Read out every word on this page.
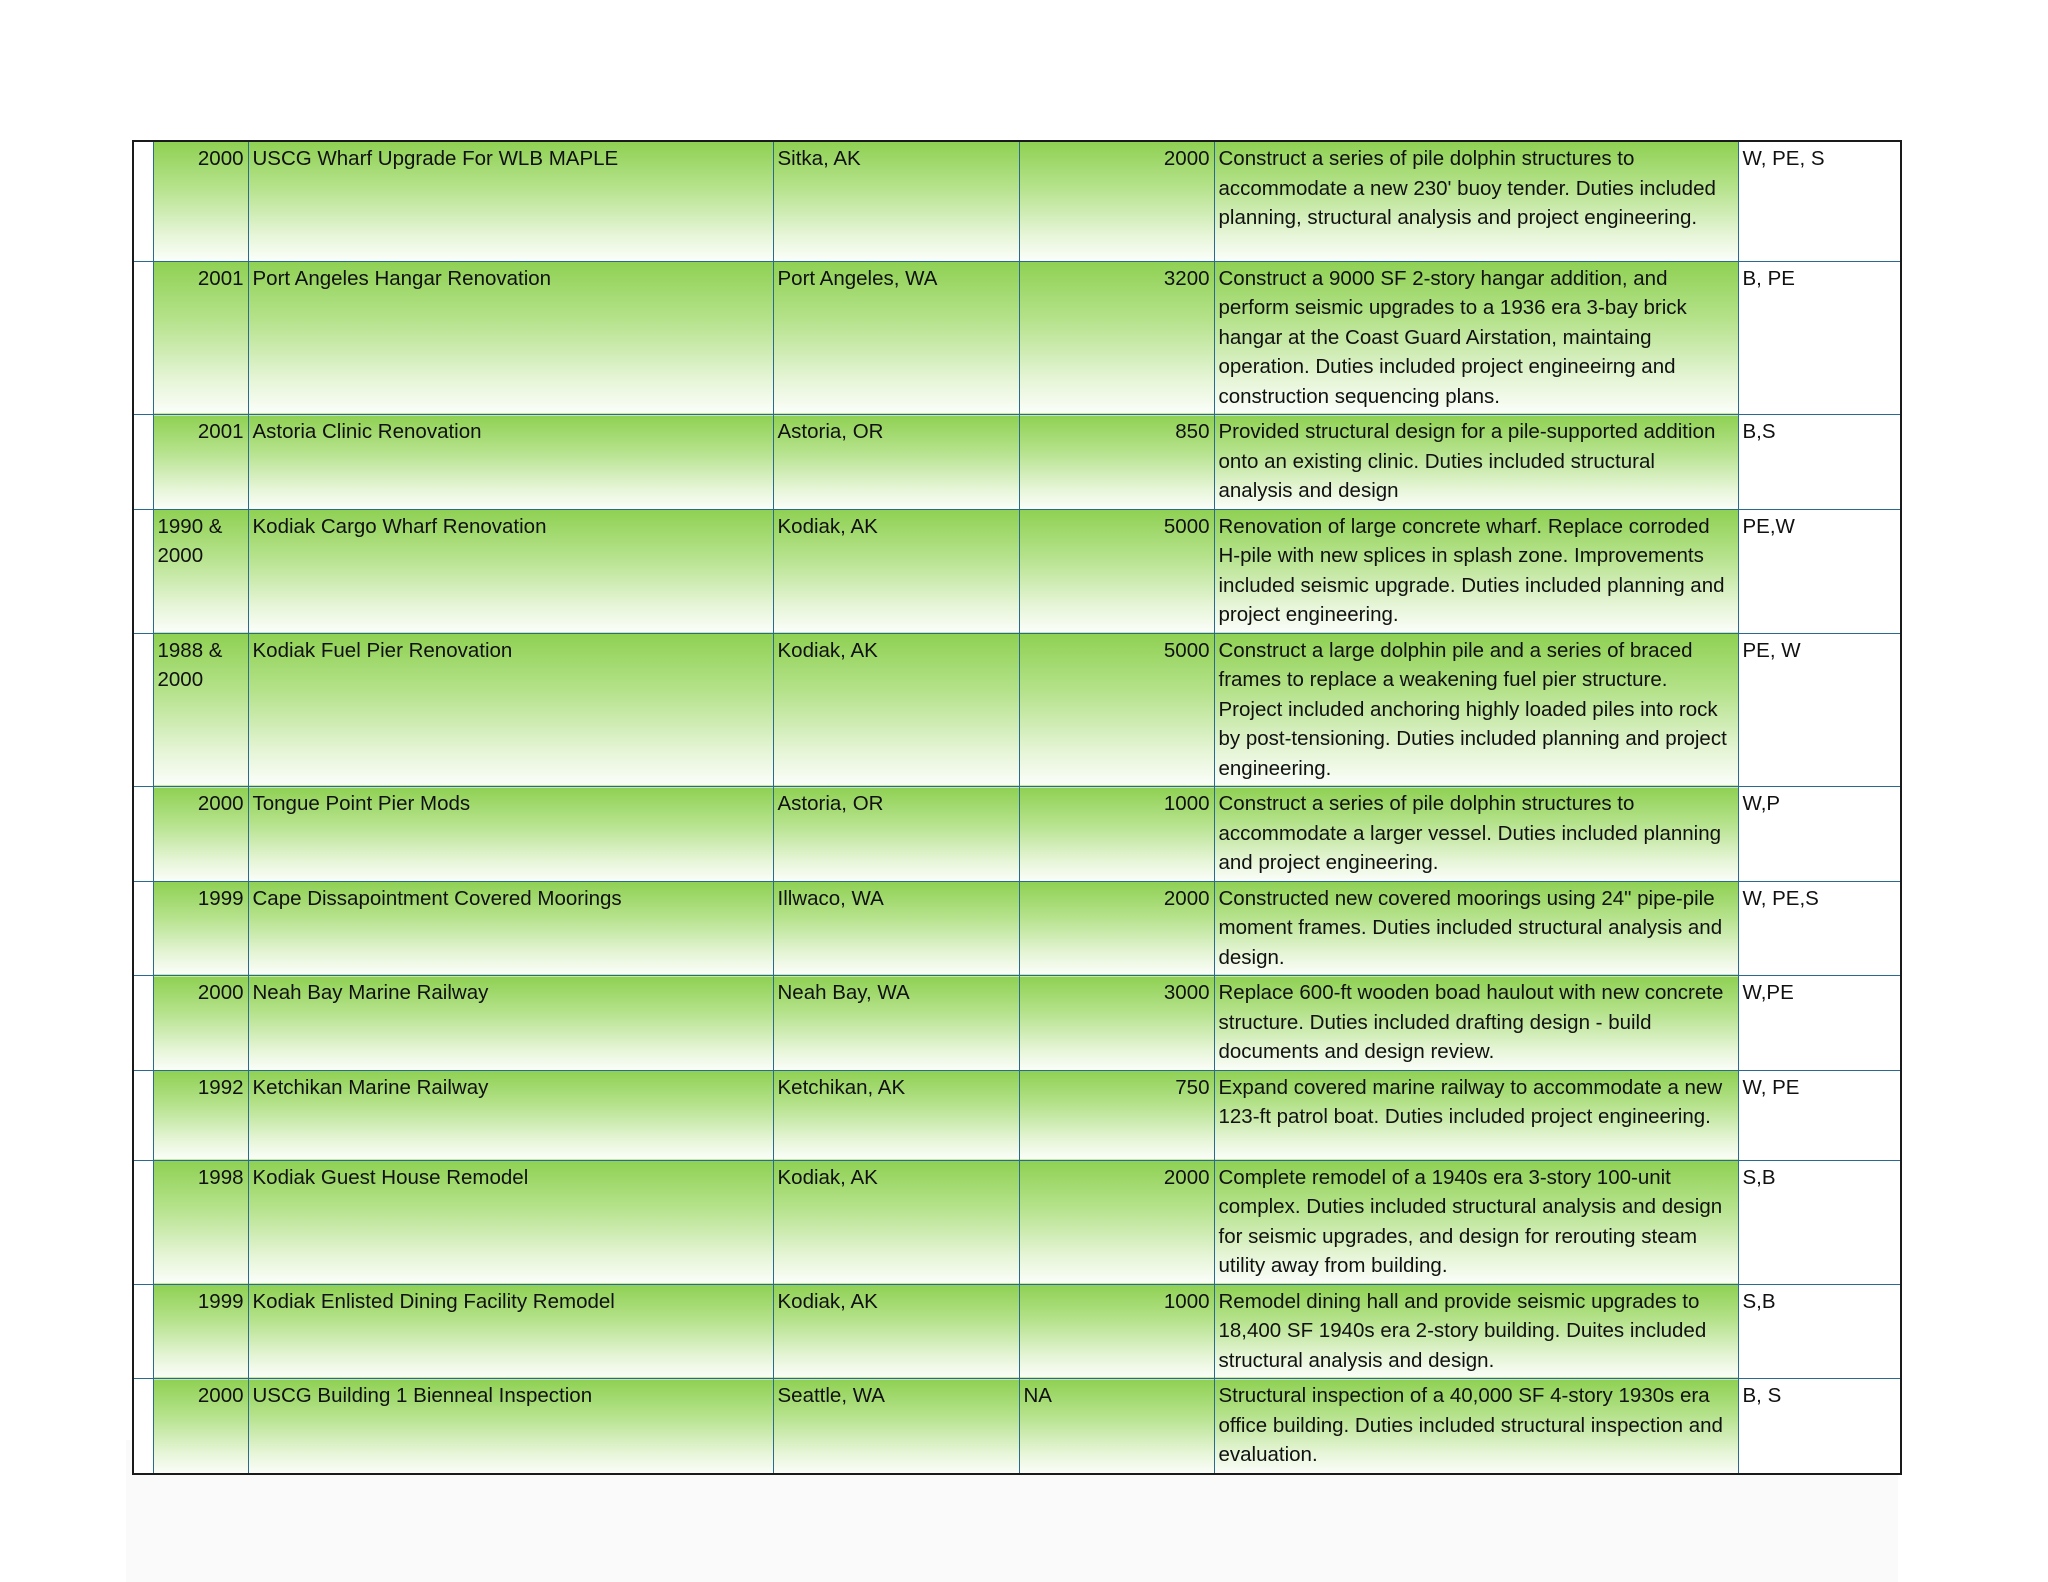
	2000	USCG Wharf Upgrade For WLB MAPLE	Sitka, AK	2000	Construct a series of pile dolphin structures to accommodate a new 230' buoy tender. Duties included planning, structural analysis and project engineering.	W, PE, S
	2001	Port Angeles Hangar Renovation	Port Angeles, WA	3200	Construct a 9000 SF 2-story hangar addition, and perform seismic upgrades to a 1936 era 3-bay brick hangar at the Coast Guard Airstation, maintaing operation. Duties included project engineeirng and construction sequencing plans.	B, PE
	2001	Astoria Clinic Renovation	Astoria, OR	850	Provided structural design for a pile-supported addition onto an existing clinic. Duties included structural analysis and design	B,S
	1990 & 2000	Kodiak Cargo Wharf Renovation	Kodiak, AK	5000	Renovation of large concrete wharf. Replace corroded H-pile with new splices in splash zone. Improvements included seismic upgrade. Duties included planning and project engineering.	PE,W
	1988 & 2000	Kodiak Fuel Pier Renovation	Kodiak, AK	5000	Construct a large dolphin pile and a series of braced frames to replace a weakening fuel pier structure. Project included anchoring highly loaded piles into rock by post-tensioning. Duties included planning and project engineering.	PE, W
	2000	Tongue Point Pier Mods	Astoria, OR	1000	Construct a series of pile dolphin structures to accommodate a larger vessel. Duties included planning and project engineering.	W,P
	1999	Cape Dissapointment Covered Moorings	Illwaco, WA	2000	Constructed new covered moorings using 24" pipe-pile moment frames. Duties included structural analysis and design.	W, PE,S
	2000	Neah Bay Marine Railway	Neah Bay, WA	3000	Replace 600-ft wooden boad haulout with new concrete structure. Duties included drafting design - build documents and design review.	W,PE
	1992	Ketchikan Marine Railway	Ketchikan, AK	750	Expand covered marine railway to accommodate a new 123-ft patrol boat. Duties included project engineering.	W, PE
	1998	Kodiak Guest House Remodel	Kodiak, AK	2000	Complete remodel of a 1940s era 3-story 100-unit complex. Duties included structural analysis and design for seismic upgrades, and design for rerouting steam utility away from building.	S,B
	1999	Kodiak Enlisted Dining Facility Remodel	Kodiak, AK	1000	Remodel dining hall and provide seismic upgrades to 18,400 SF 1940s era 2-story building. Duites included structural analysis and design.	S,B
	2000	USCG Building 1 Bienneal Inspection	Seattle, WA	NA	Structural inspection of a 40,000 SF 4-story 1930s era office building. Duties included structural inspection and evaluation.	B, S
